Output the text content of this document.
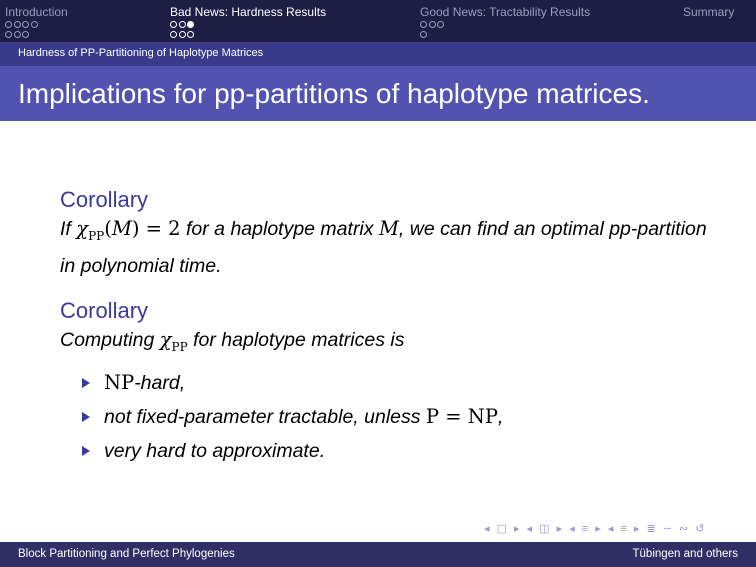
Introduction	Bad News: Hardness Results	Good News: Tractability Results	Summary
Hardness of PP-Partitioning of Haplotype Matrices
Implications for pp-partitions of haplotype matrices.

Corollary

If $\chi_{PP}(M) = 2$ for a haplotype matrix M, we can find an optimal pp-partition in polynomial time.

Corollary

Computing $\chi_{PP}$ for haplotype matrices is

NP-hard,
not fixed-parameter tractable, unless P = NP,
very hard to approximate.
◂ ▢ ▸ ◂ ◫ ▸ ◂ ≡ ▸ ◂ ≡ ▸ ≣ ∽ ∾ ↺
Block Partitioning and Perfect Phylogenies	Tübingen and others
